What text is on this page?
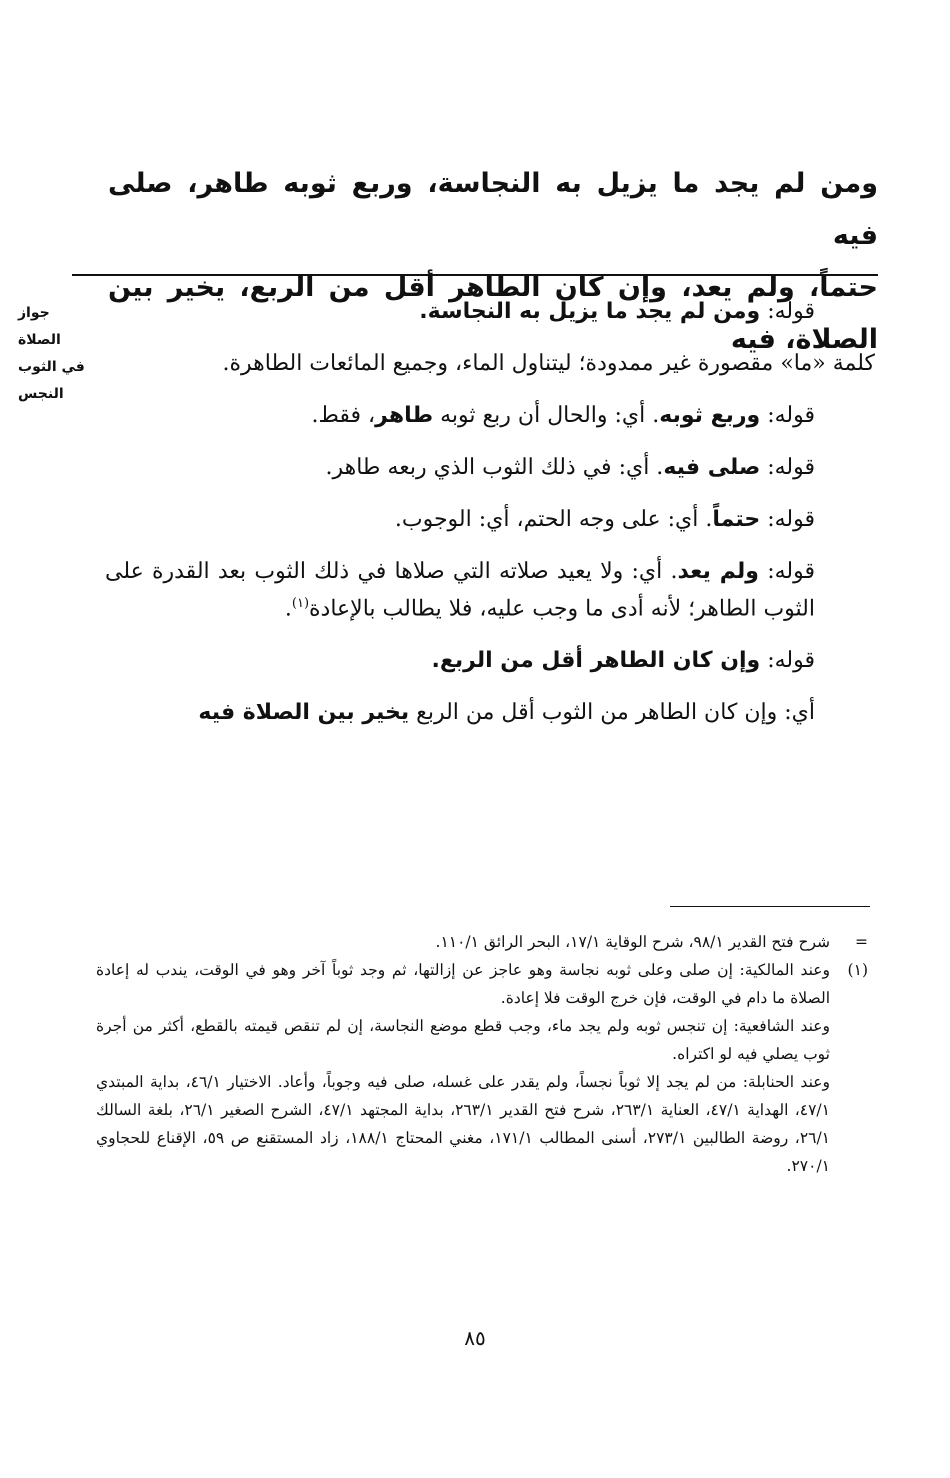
ومن لم يجد ما يزيل به النجاسة، وربع ثوبه طاهر، صلى فيه
حتماً، ولم يعد، وإن كان الطاهر أقل من الربع، يخير بين الصلاة، فيه
جواز
الصلاة
في الثوب
النجس

قوله: ومن لم يجد ما يزيل به النجاسة.

كلمة «ما» مقصورة غير ممدودة؛ ليتناول الماء، وجميع المائعات الطاهرة.

قوله: وربع ثوبه. أي: والحال أن ربع ثوبه طاهر، فقط.

قوله: صلى فيه. أي: في ذلك الثوب الذي ربعه طاهر.

قوله: حتماً. أي: على وجه الحتم، أي: الوجوب.

قوله: ولم يعد. أي: ولا يعيد صلاته التي صلاها في ذلك الثوب بعد القدرة على الثوب الطاهر؛ لأنه أدى ما وجب عليه، فلا يطالب بالإعادة$^{(١)}$.

قوله: وإن كان الطاهر أقل من الربع.

أي: وإن كان الطاهر من الثوب أقل من الربع يخير بين الصلاة فيه

=
شرح فتح القدير ٩٨/١، شرح الوقاية ١٧/١، البحر الرائق ١١٠/١.
(١)
وعند المالكية: إن صلى وعلى ثوبه نجاسة وهو عاجز عن إزالتها، ثم وجد ثوباً آخر وهو في الوقت، يندب له إعادة الصلاة ما دام في الوقت، فإن خرج الوقت فلا إعادة.
وعند الشافعية: إن تنجس ثوبه ولم يجد ماء، وجب قطع موضع النجاسة، إن لم تنقص قيمته بالقطع، أكثر من أجرة ثوب يصلي فيه لو اكتراه.
وعند الحنابلة: من لم يجد إلا ثوباً نجساً، ولم يقدر على غسله، صلى فيه وجوباً، وأعاد. الاختيار ٤٦/١، بداية المبتدي ٤٧/١، الهداية ٤٧/١، العناية ٢٦٣/١، شرح فتح القدير ٢٦٣/١، بداية المجتهد ٤٧/١، الشرح الصغير ٢٦/١، بلغة السالك ٢٦/١، روضة الطالبين ٢٧٣/١، أسنى المطالب ١٧١/١، مغني المحتاج ١٨٨/١، زاد المستقنع ص ٥٩، الإقناع للحجاوي ٢٧٠/١.
٨٥
